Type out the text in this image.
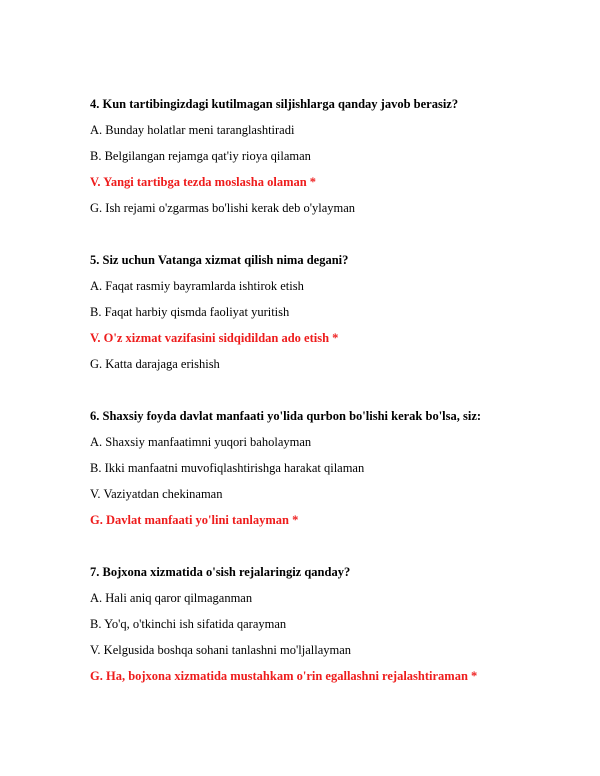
4. Kun tartibingizdagi kutilmagan siljishlarga qanday javob berasiz?
A. Bunday holatlar meni taranglashtiradi
B. Belgilangan rejamga qat'iy rioya qilaman
V. Yangi tartibga tezda moslasha olaman *
G. Ish rejami o'zgarmas bo'lishi kerak deb o'ylayman
5. Siz uchun Vatanga xizmat qilish nima degani?
A. Faqat rasmiy bayramlarda ishtirok etish
B. Faqat harbiy qismda faoliyat yuritish
V. O'z xizmat vazifasini sidqidildan ado etish *
G. Katta darajaga erishish
6. Shaxsiy foyda davlat manfaati yo'lida qurbon bo'lishi kerak bo'lsa, siz:
A. Shaxsiy manfaatimni yuqori baholayman
B. Ikki manfaatni muvofiqlashtirishga harakat qilaman
V. Vaziyatdan chekinaman
G. Davlat manfaati yo'lini tanlayman *
7. Bojxona xizmatida o'sish rejalaringiz qanday?
A. Hali aniq qaror qilmaganman
B. Yo'q, o'tkinchi ish sifatida qarayman
V. Kelgusida boshqa sohani tanlashni mo'ljallayman
G. Ha, bojxona xizmatida mustahkam o'rin egallashni rejalashtiraman *
